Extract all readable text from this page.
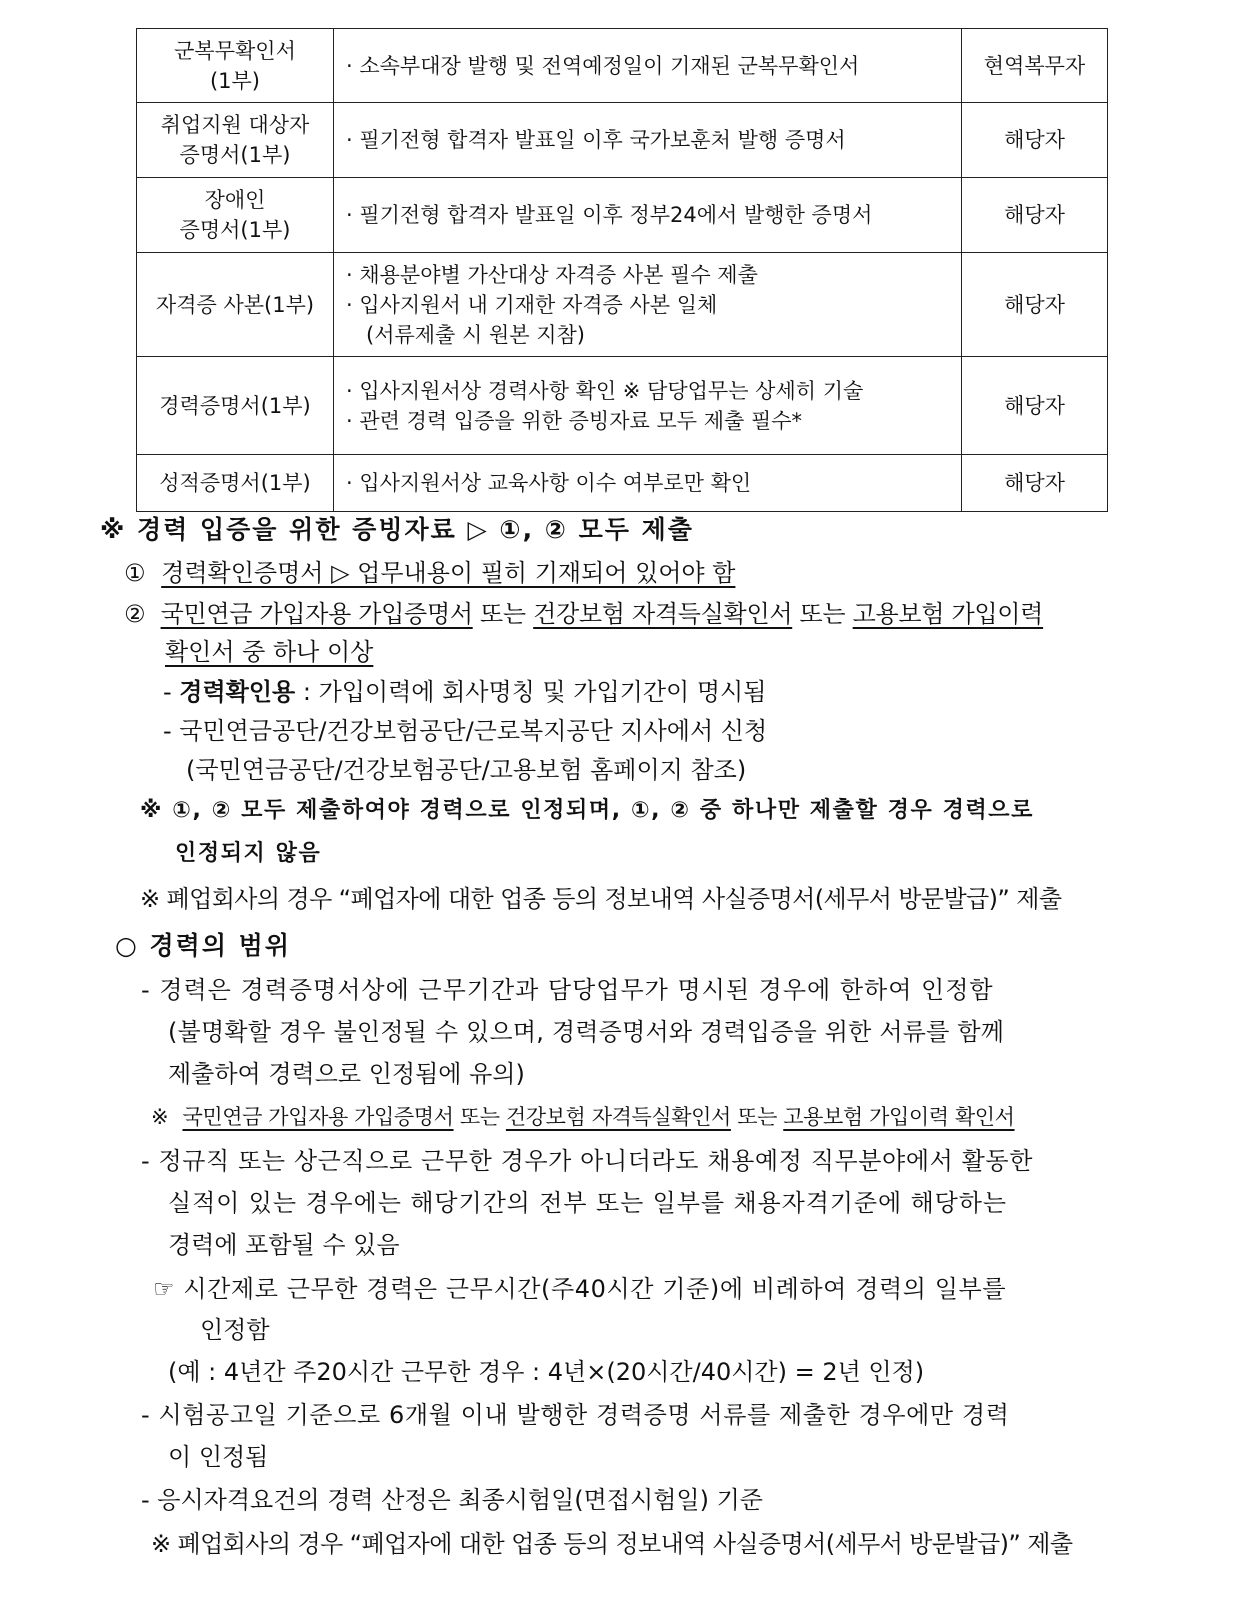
군복무확인서
(1부)	· 소속부대장 발행 및 전역예정일이 기재된 군복무확인서	현역복무자

취업지원 대상자
증명서(1부)	· 필기전형 합격자 발표일 이후 국가보훈처 발행 증명서	해당자

장애인
증명서(1부)	· 필기전형 합격자 발표일 이후 정부24에서 발행한 증명서	해당자

자격증 사본(1부)	· 채용분야별 가산대상 자격증 사본 필수 제출
· 입사지원서 내 기재한 자격증 사본 일체
(서류제출 시 원본 지참)	해당자

경력증명서(1부)	· 입사지원서상 경력사항 확인 ※ 담당업무는 상세히 기술
· 관련 경력 입증을 위한 증빙자료 모두 제출 필수*	해당자

성적증명서(1부)	· 입사지원서상 교육사항 이수 여부로만 확인	해당자
※ 경력 입증을 위한 증빙자료 ▷ ①, ② 모두 제출
① 경력확인증명서 ▷ 업무내용이 필히 기재되어 있어야 함
② 국민연금 가입자용 가입증명서 또는 건강보험 자격득실확인서 또는 고용보험 가입이력
확인서 중 하나 이상
- 경력확인용 : 가입이력에 회사명칭 및 가입기간이 명시됨
- 국민연금공단/건강보험공단/근로복지공단 지사에서 신청
(국민연금공단/건강보험공단/고용보험 홈페이지 참조)
※ ①, ② 모두 제출하여야 경력으로 인정되며, ①, ② 중 하나만 제출할 경우 경력으로
인정되지 않음
※ 폐업회사의 경우 “폐업자에 대한 업종 등의 정보내역 사실증명서(세무서 방문발급)” 제출
○ 경력의 범위
- 경력은 경력증명서상에 근무기간과 담당업무가 명시된 경우에 한하여 인정함
(불명확할 경우 불인정될 수 있으며, 경력증명서와 경력입증을 위한 서류를 함께
제출하여 경력으로 인정됨에 유의)
※ 국민연금 가입자용 가입증명서 또는 건강보험 자격득실확인서 또는 고용보험 가입이력 확인서
- 정규직 또는 상근직으로 근무한 경우가 아니더라도 채용예정 직무분야에서 활동한
실적이 있는 경우에는 해당기간의 전부 또는 일부를 채용자격기준에 해당하는
경력에 포함될 수 있음
☞ 시간제로 근무한 경력은 근무시간(주40시간 기준)에 비례하여 경력의 일부를
인정함
(예 : 4년간 주20시간 근무한 경우 : 4년×(20시간/40시간) = 2년 인정)
- 시험공고일 기준으로 6개월 이내 발행한 경력증명 서류를 제출한 경우에만 경력
이 인정됨
- 응시자격요건의 경력 산정은 최종시험일(면접시험일) 기준
※ 폐업회사의 경우 “폐업자에 대한 업종 등의 정보내역 사실증명서(세무서 방문발급)” 제출
